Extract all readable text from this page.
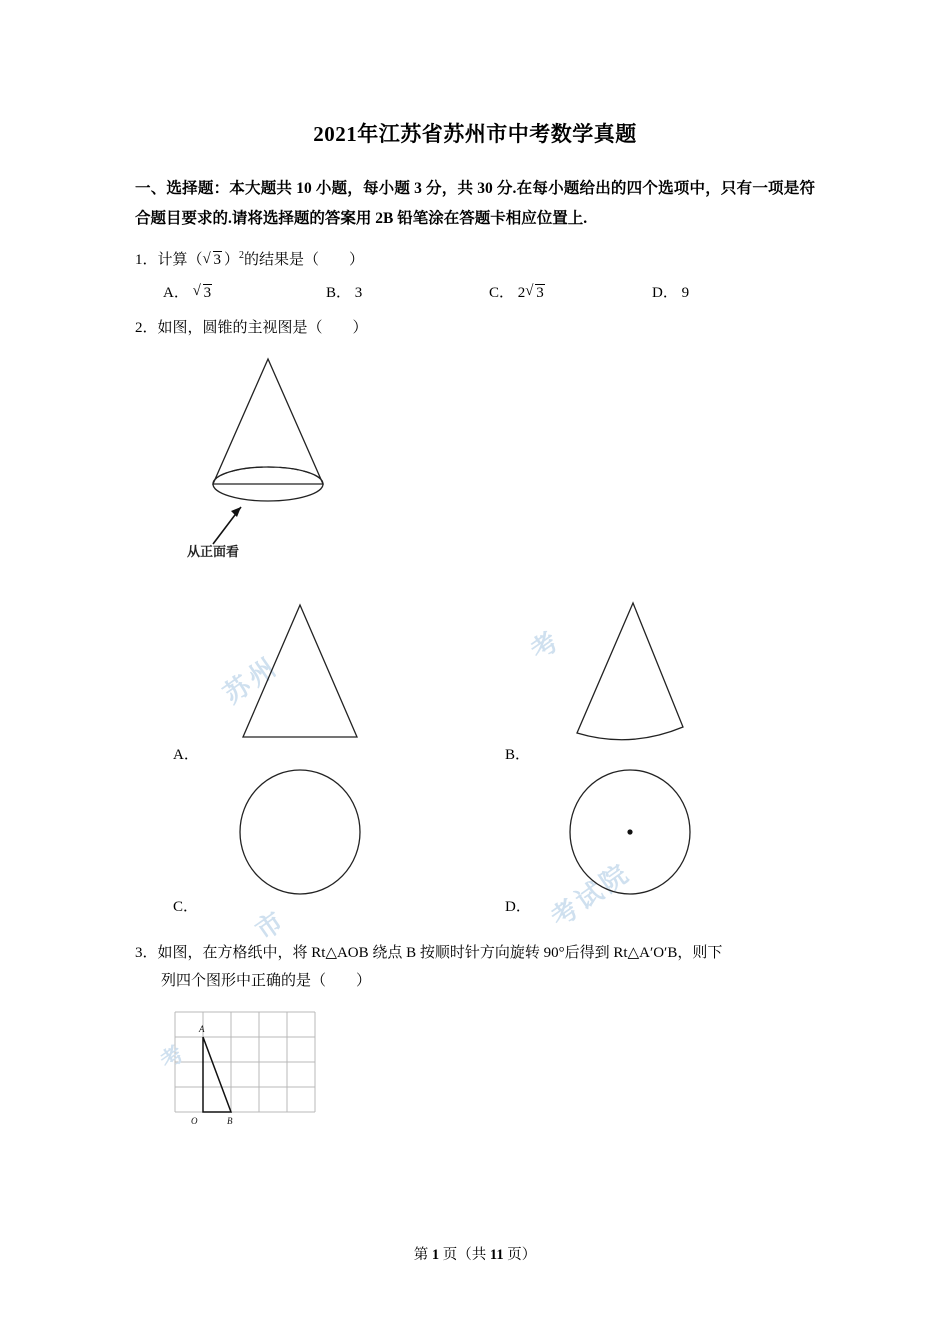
苏州
市	考试院
考
考
2021年江苏省苏州市中考数学真题
一、选择题：本大题共 10 小题，每小题 3 分，共 30 分.在每小题给出的四个选项中，只有一项是符合题目要求的.请将选择题的答案用 2B 铅笔涂在答题卡相应位置上.
1．计算（ √ 3 ）$^2$的结果是（　　）
A． √ 3	B． 3	C． 2 √ 3	D． 9
2．如图，圆锥的主视图是（　　）
从正面看
A．	B．
C．	D．
3．如图，在方格纸中，将 Rt△AOB 绕点 B 按顺时针方向旋转 90°后得到 Rt△A′O′B，则下
列四个图形中正确的是（　　）
A
O	B
第 1 页（共 11 页）
